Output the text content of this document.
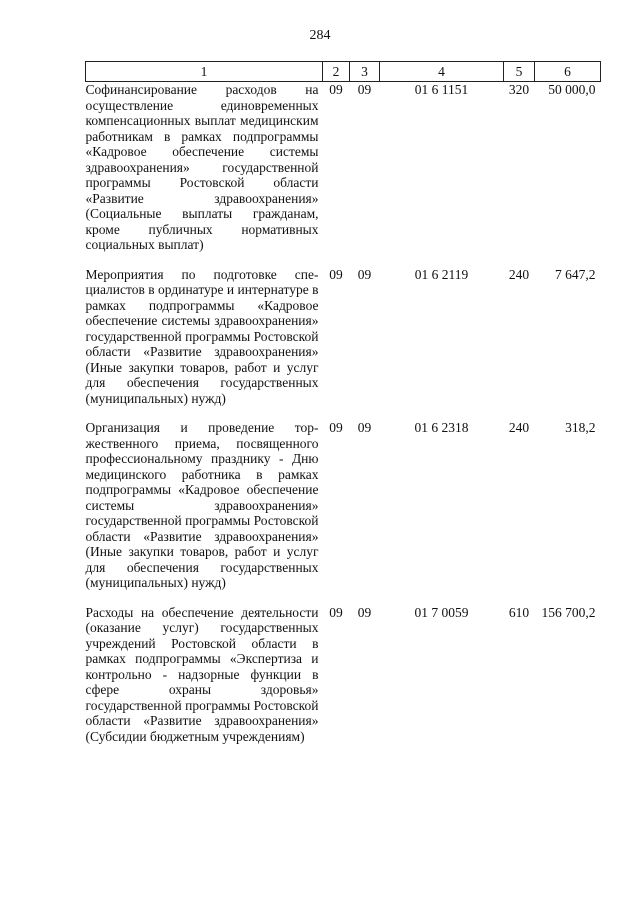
284
1	2	3	4	5	6
Софинансирование расходов на осуществление единовременных компенсационных выплат медицинским работникам в рамках подпрограммы «Кадровое обеспечение системы здравоохранения» государственной программы Ростовской области «Развитие здравоохранения» (Социальные выплаты гражданам, кроме публичных нормативных социальных выплат)	09	09	01 6 1151	320	50 000,0

Мероприятия по подготовке специалистов в ординатуре и интернатуре в рамках подпрограммы «Кадровое обеспечение системы здравоохранения» государственной программы Ростовской области «Развитие здравоохранения» (Иные закупки товаров, работ и услуг для обеспечения государственных (муниципальных) нужд)	09	09	01 6 2119	240	7 647,2

Организация и проведение торжественного приема, посвященного профессиональному празднику - Дню медицинского работника в рамках подпрограммы «Кадровое обеспечение системы здравоохранения» государственной программы Ростовской области «Развитие здравоохранения» (Иные закупки товаров, работ и услуг для обеспечения государственных (муниципальных) нужд)	09	09	01 6 2318	240	318,2

Расходы на обеспечение деятельности (оказание услуг) государственных учреждений Ростовской области в рамках подпрограммы «Экспертиза и контрольно - надзорные функции в сфере охраны здоровья» государственной программы Ростовской области «Развитие здравоохранения» (Субсидии бюджетным учреждениям)	09	09	01 7 0059	610	156 700,2
